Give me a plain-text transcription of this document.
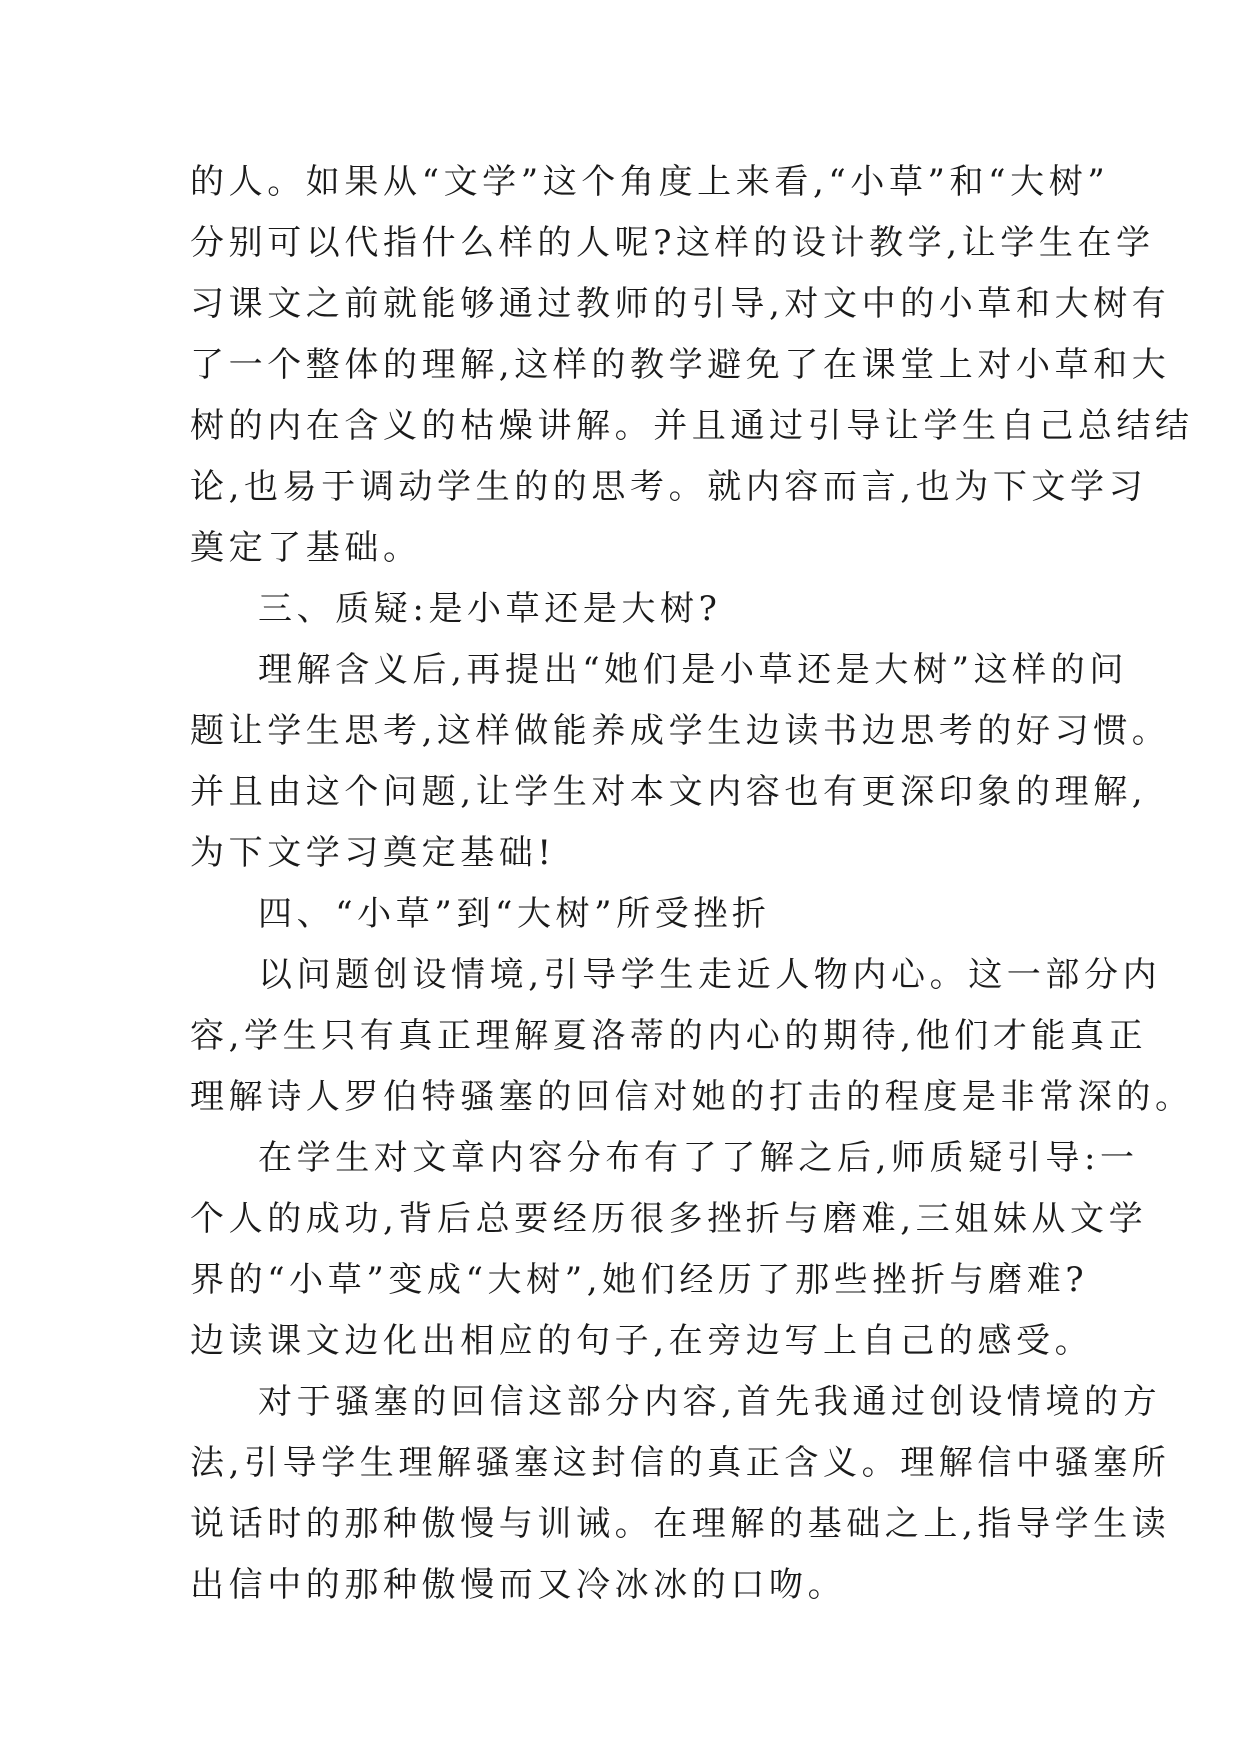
的人。如果从“文学”这个角度上来看,“小草”和“大树”
分别可以代指什么样的人呢?这样的设计教学,让学生在学
习课文之前就能够通过教师的引导,对文中的小草和大树有
了一个整体的理解,这样的教学避免了在课堂上对小草和大
树的内在含义的枯燥讲解。并且通过引导让学生自己总结结
论,也易于调动学生的的思考。就内容而言,也为下文学习
奠定了基础。
三、质疑:是小草还是大树?
理解含义后,再提出“她们是小草还是大树”这样的问
题让学生思考,这样做能养成学生边读书边思考的好习惯。
并且由这个问题,让学生对本文内容也有更深印象的理解,
为下文学习奠定基础!
四、“小草”到“大树”所受挫折
以问题创设情境,引导学生走近人物内心。这一部分内
容,学生只有真正理解夏洛蒂的内心的期待,他们才能真正
理解诗人罗伯特骚塞的回信对她的打击的程度是非常深的。
在学生对文章内容分布有了了解之后,师质疑引导:一
个人的成功,背后总要经历很多挫折与磨难,三姐妹从文学
界的“小草”变成“大树”,她们经历了那些挫折与磨难?
边读课文边化出相应的句子,在旁边写上自己的感受。
对于骚塞的回信这部分内容,首先我通过创设情境的方
法,引导学生理解骚塞这封信的真正含义。理解信中骚塞所
说话时的那种傲慢与训诫。在理解的基础之上,指导学生读
出信中的那种傲慢而又冷冰冰的口吻。
